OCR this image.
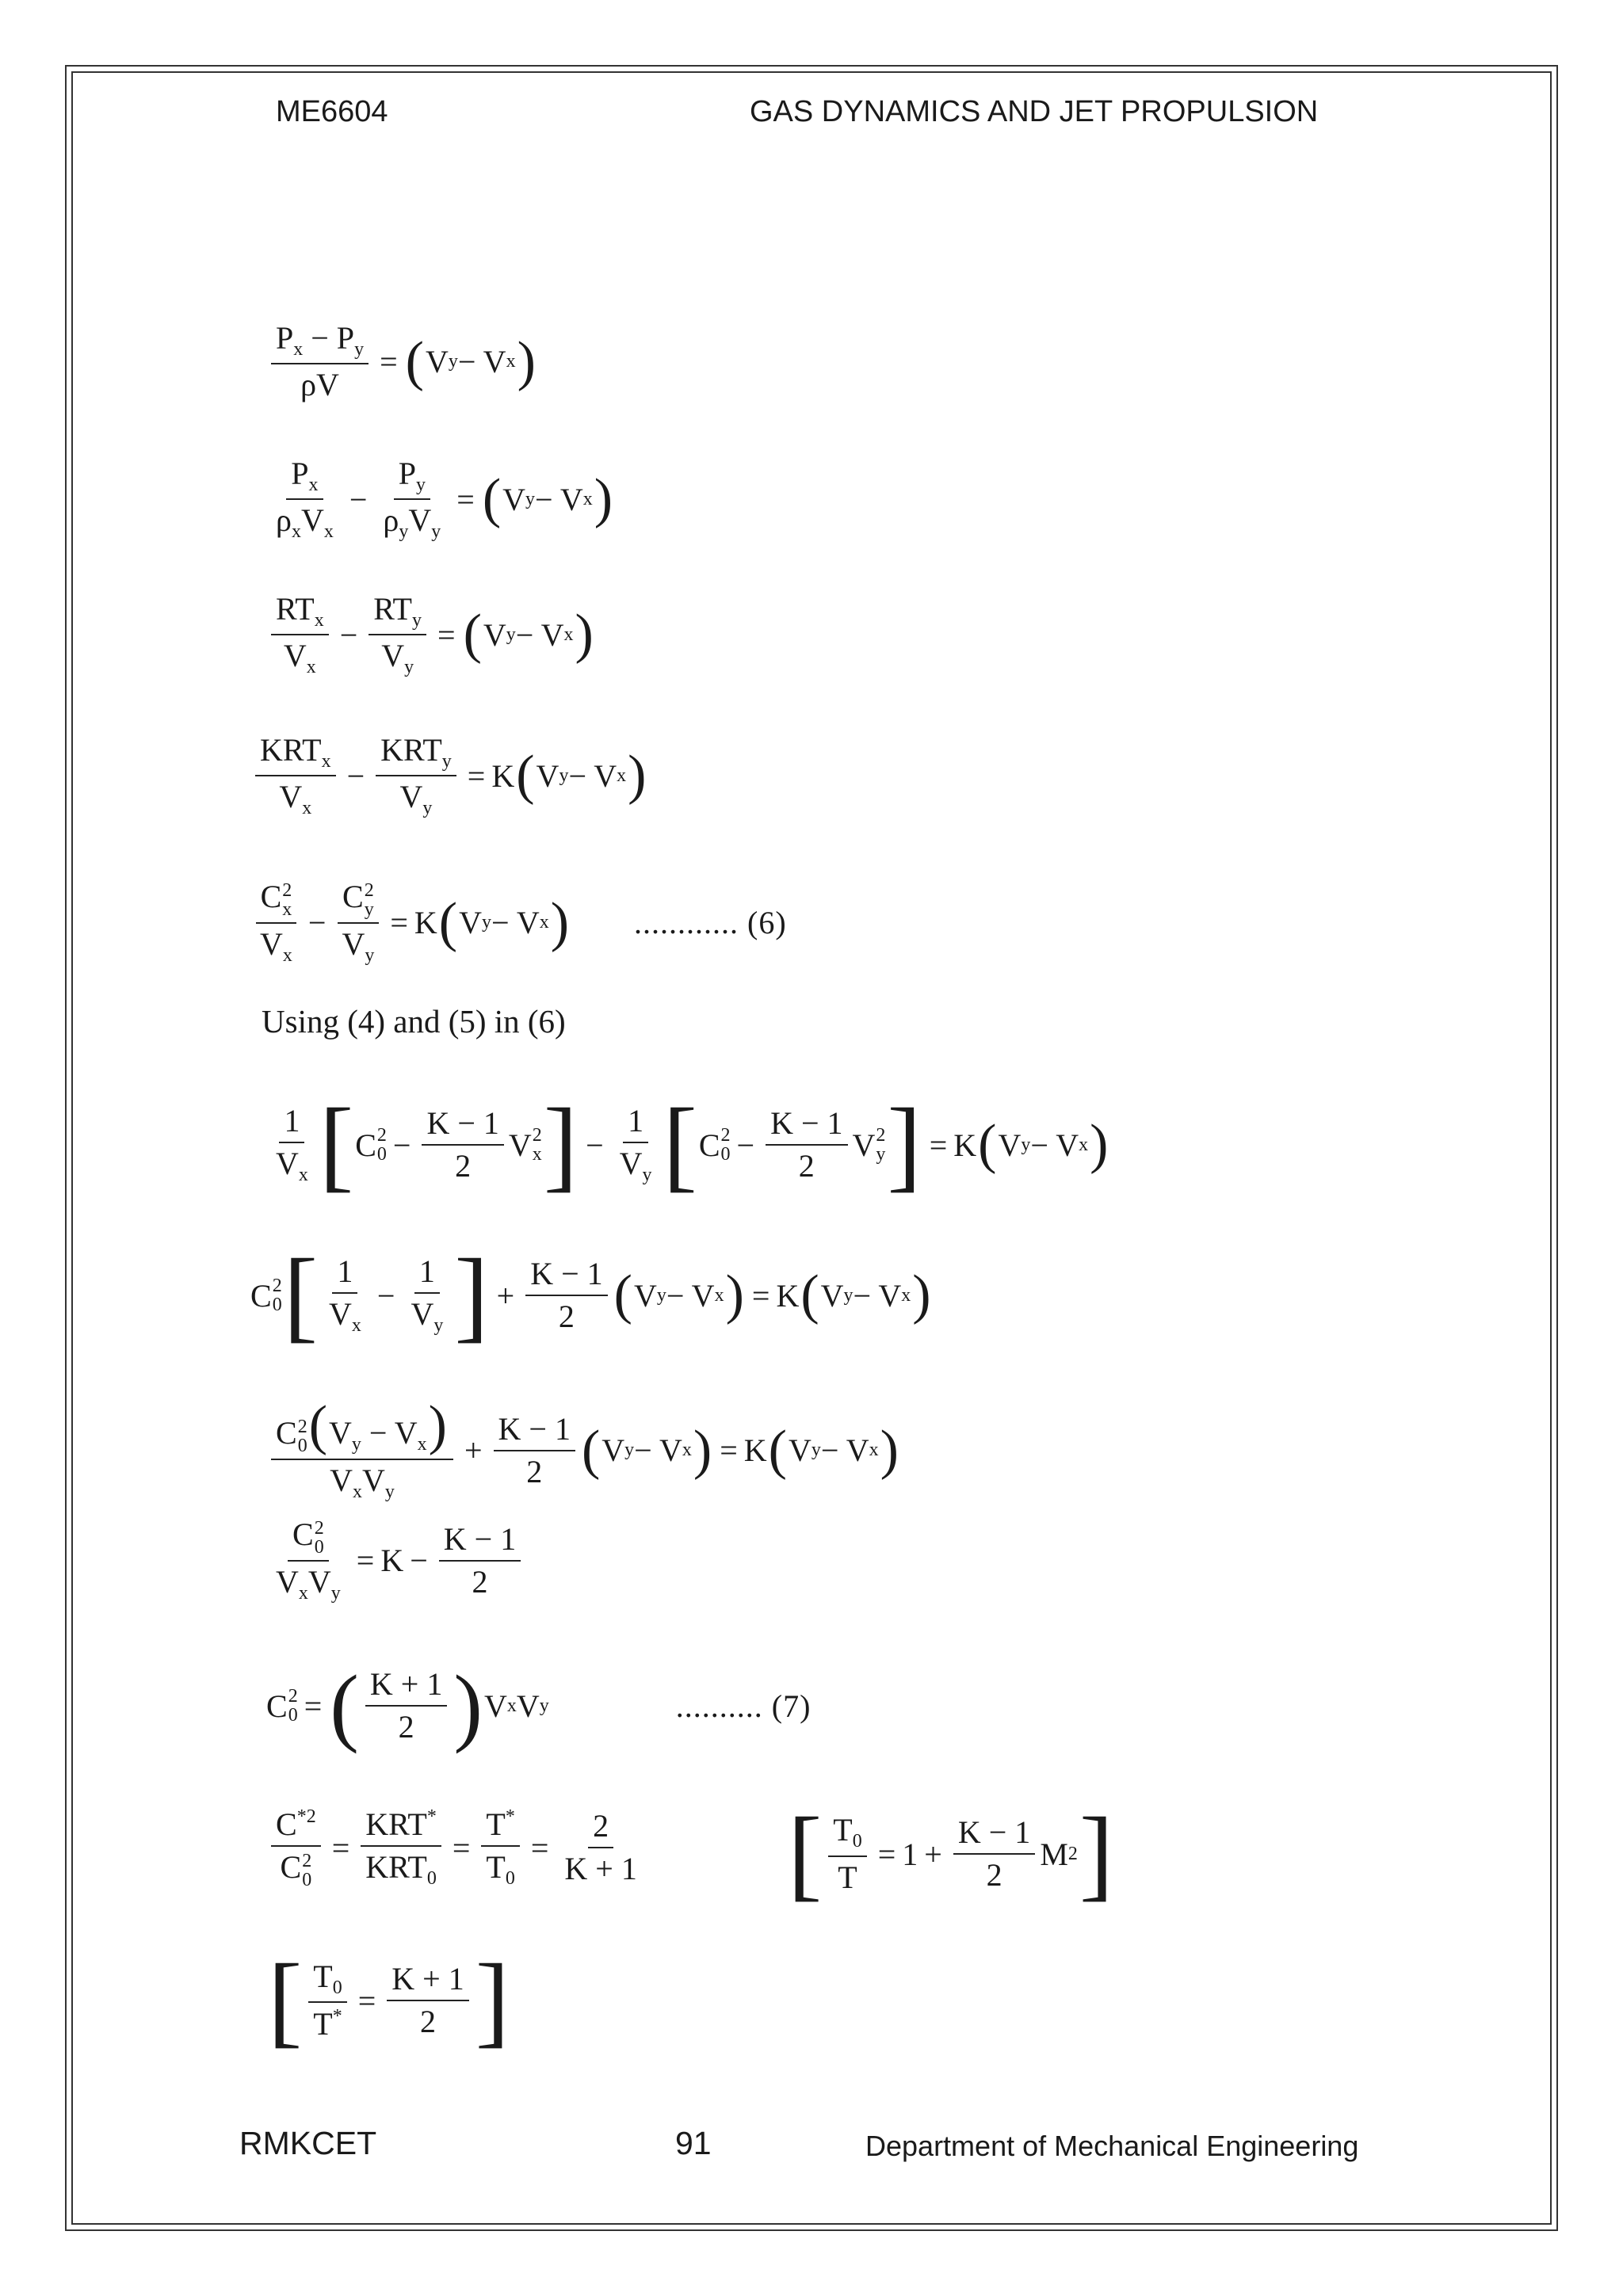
ME6604	GAS DYNAMICS AND JET PROPULSION
$\frac{P_x - P_y}{\rho V}$ = ( V y − V x )
$\frac{P_x}{\rho_xV_x} - \frac{P_y}{\rho_yV_y}$ = ( V y − V x )
$\frac{RT_x}{V_x} - \frac{RT_y}{V_y}$ = ( V y − V x )
$\frac{KRT_x}{V_x} - \frac{KRT_y}{V_y} = K$ ( V y − V x )
C 2
x
$V_x - C$ 2
y
$V_y = K$ ( V y − V x ) ............ (6)
Using (4) and (5) in (6)
$\frac{1}{V_x}$ [ C 2
$0 - \frac{K - 1}{2}$ V 2
x ] − $\frac{1}{V_y}$ [ C 2
$0 - \frac{K - 1}{2}$ V 2
y ] = K ( V y − V x )
C 2
0 [ $\frac{1}{V_x} - \frac{1}{V_y}$ ] + $\frac{K - 1}{2}$ ( V y − V x ) = K ( V y − V x )
C 2
0 $(V_y - V_x)$
$V_xV_y + \frac{K - 1}{2}$ ( V y − V x ) = K ( V y − V x )
C 2
0
$V_xV_y = K - \frac{K - 1}{2}$
C 2
0 = ( $\frac{K + 1}{2}$ ) V x V y	.......... (7)
$C^{*2}$
C 2
$0 = \frac{KRT^*}{KRT_0} = \frac{T^*}{T_0} = \frac{2}{K + 1}$ [ $\frac{T_0}{T} = 1 + \frac{K - 1}{2}$ M 2 ]
[ $\frac{T_0}{T^*} = \frac{K + 1}{2}$ ]
RMKCET	91	Department of Mechanical Engineering
